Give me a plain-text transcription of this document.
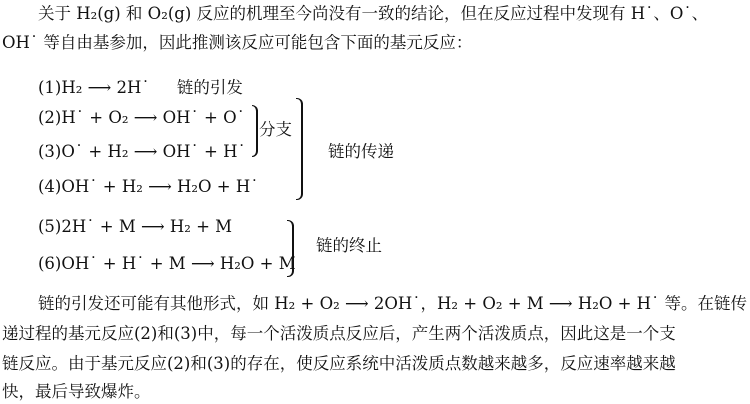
关于 H₂(g) 和 O₂(g) 反应的机理至今尚没有一致的结论，但在反应过程中发现有 H˙、O˙、
OH˙ 等自由基参加，因此推测该反应可能包含下面的基元反应：
(1)H₂ ⟶ 2H˙ 链的引发
(2)H˙ + O₂ ⟶ OH˙ + O˙
(3)O˙ + H₂ ⟶ OH˙ + H˙
(4)OH˙ + H₂ ⟶ H₂O + H˙
(5)2H˙ + M ⟶ H₂ + M
(6)OH˙ + H˙ + M ⟶ H₂O + M
分支
链的传递
链的终止
链的引发还可能有其他形式，如 H₂ + O₂ ⟶ 2OH˙，H₂ + O₂ + M ⟶ H₂O + H˙ 等。在链传
递过程的基元反应(2)和(3)中，每一个活泼质点反应后，产生两个活泼质点，因此这是一个支
链反应。由于基元反应(2)和(3)的存在，使反应系统中活泼质点数越来越多，反应速率越来越
快，最后导致爆炸。
